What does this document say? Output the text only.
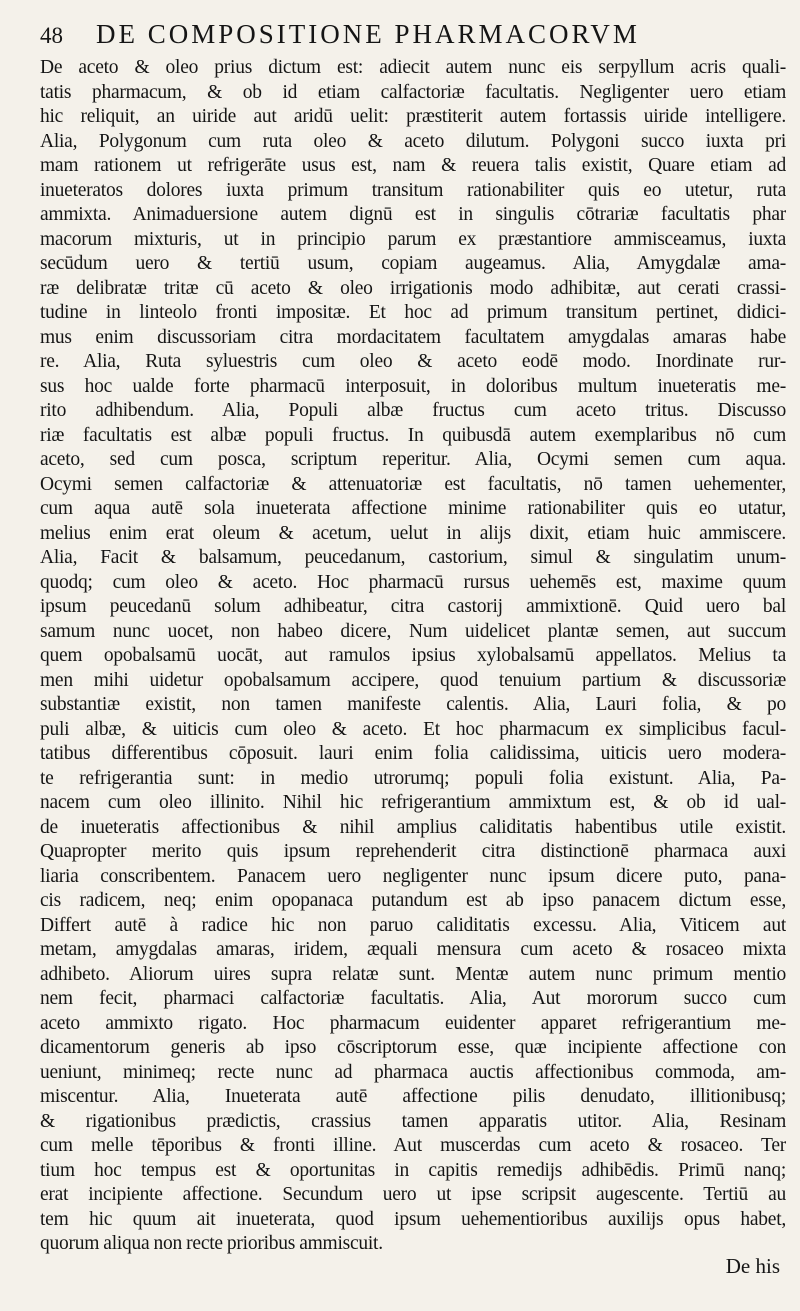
48	DE COMPOSITIONE PHARMACORVM
De aceto & oleo prius dictum est: adiecit autem nunc eis serpyllum acris quali-
tatis pharmacum, & ob id etiam calfactoriæ facultatis. Negligenter uero etiam
hic reliquit, an uiride aut aridū uelit: præstiterit autem fortassis uiride intelligere.
Alia, Polygonum cum ruta oleo & aceto dilutum. Polygoni succo iuxta pri
mam rationem ut refrigerāte usus est, nam & reuera talis existit, Quare etiam ad
inueteratos dolores iuxta primum transitum rationabiliter quis eo utetur, ruta
ammixta. Animaduersione autem dignū est in singulis cōtrariæ facultatis phar
macorum mixturis, ut in principio parum ex præstantiore ammisceamus, iuxta
secūdum uero & tertiū usum, copiam augeamus. Alia, Amygdalæ ama-
ræ delibratæ tritæ cū aceto & oleo irrigationis modo adhibitæ, aut cerati crassi-
tudine in linteolo fronti impositæ. Et hoc ad primum transitum pertinet, didici-
mus enim discussoriam citra mordacitatem facultatem amygdalas amaras habe
re. Alia, Ruta syluestris cum oleo & aceto eodē modo. Inordinate rur-
sus hoc ualde forte pharmacū interposuit, in doloribus multum inueteratis me-
rito adhibendum. Alia, Populi albæ fructus cum aceto tritus. Discusso
riæ facultatis est albæ populi fructus. In quibusdā autem exemplaribus nō cum
aceto, sed cum posca, scriptum reperitur. Alia, Ocymi semen cum aqua.
Ocymi semen calfactoriæ & attenuatoriæ est facultatis, nō tamen uehementer,
cum aqua autē sola inueterata affectione minime rationabiliter quis eo utatur,
melius enim erat oleum & acetum, uelut in alijs dixit, etiam huic ammiscere.
Alia, Facit & balsamum, peucedanum, castorium, simul & singulatim unum-
quodq; cum oleo & aceto. Hoc pharmacū rursus uehemēs est, maxime quum
ipsum peucedanū solum adhibeatur, citra castorij ammixtionē. Quid uero bal
samum nunc uocet, non habeo dicere, Num uidelicet plantæ semen, aut succum
quem opobalsamū uocāt, aut ramulos ipsius xylobalsamū appellatos. Melius ta
men mihi uidetur opobalsamum accipere, quod tenuium partium & discussoriæ
substantiæ existit, non tamen manifeste calentis. Alia, Lauri folia, & po
puli albæ, & uiticis cum oleo & aceto. Et hoc pharmacum ex simplicibus facul-
tatibus differentibus cōposuit. lauri enim folia calidissima, uiticis uero modera-
te refrigerantia sunt: in medio utrorumq; populi folia existunt. Alia, Pa-
nacem cum oleo illinito. Nihil hic refrigerantium ammixtum est, & ob id ual-
de inueteratis affectionibus & nihil amplius caliditatis habentibus utile existit.
Quapropter merito quis ipsum reprehenderit citra distinctionē pharmaca auxi
liaria conscribentem. Panacem uero negligenter nunc ipsum dicere puto, pana-
cis radicem, neq; enim opopanaca putandum est ab ipso panacem dictum esse,
Differt autē à radice hic non paruo caliditatis excessu. Alia, Viticem aut
metam, amygdalas amaras, iridem, æquali mensura cum aceto & rosaceo mixta
adhibeto. Aliorum uires supra relatæ sunt. Mentæ autem nunc primum mentio
nem fecit, pharmaci calfactoriæ facultatis. Alia, Aut mororum succo cum
aceto ammixto rigato. Hoc pharmacum euidenter apparet refrigerantium me-
dicamentorum generis ab ipso cōscriptorum esse, quæ incipiente affectione con
ueniunt, minimeq; recte nunc ad pharmaca auctis affectionibus commoda, am-
miscentur. Alia, Inueterata autē affectione pilis denudato, illitionibusq;
& rigationibus prædictis, crassius tamen apparatis utitor. Alia, Resinam
cum melle tēporibus & fronti illine. Aut muscerdas cum aceto & rosaceo. Ter
tium hoc tempus est & oportunitas in capitis remedijs adhibēdis. Primū nanq;
erat incipiente affectione. Secundum uero ut ipse scripsit augescente. Tertiū au
tem hic quum ait inueterata, quod ipsum uehementioribus auxilijs opus habet,
quorum aliqua non recte prioribus ammiscuit.
De his
